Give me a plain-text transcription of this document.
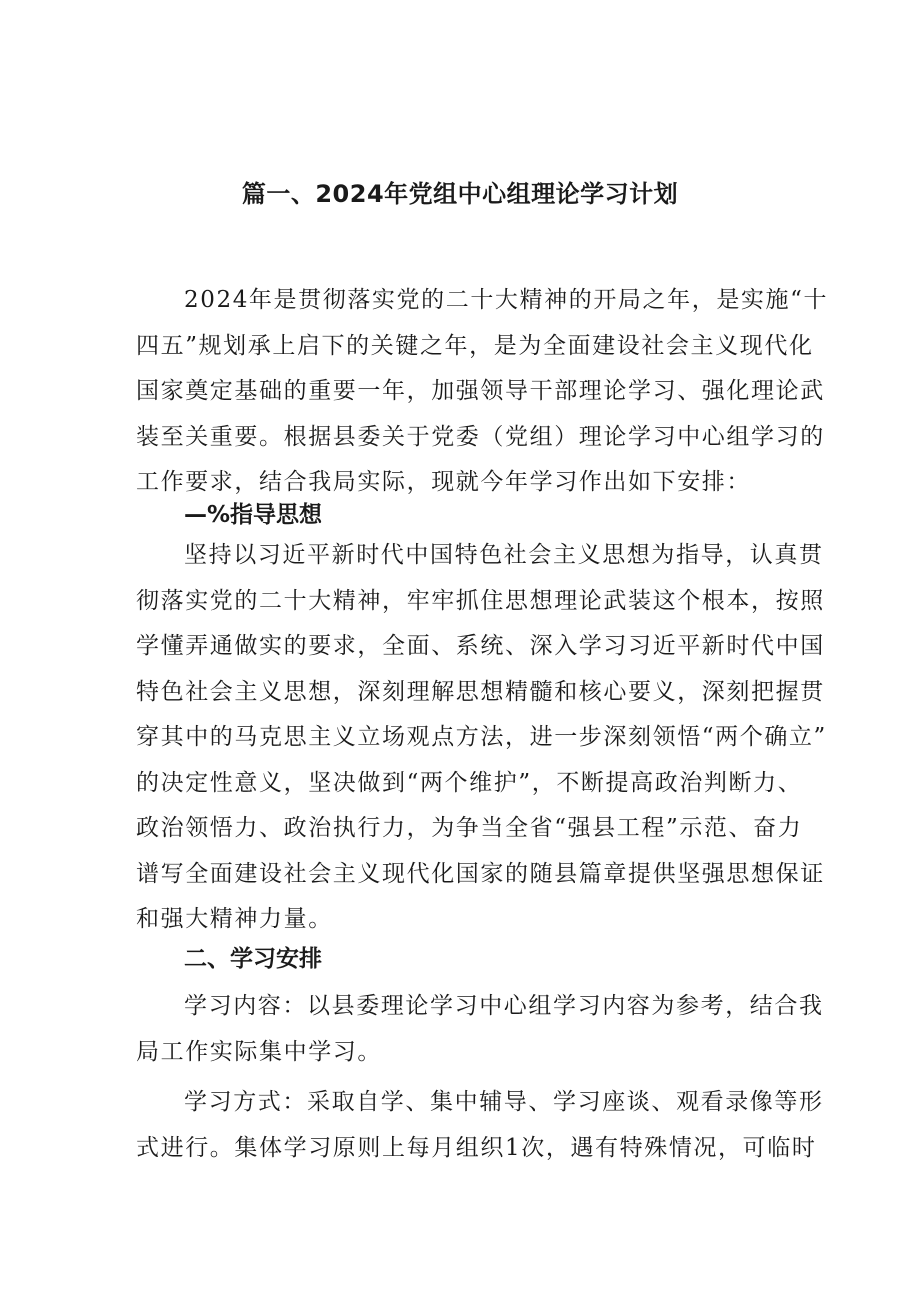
篇一、2024年党组中心组理论学习计划
2024年是贯彻落实党的二十大精神的开局之年，是实施“十
四五”规划承上启下的关键之年，是为全面建设社会主义现代化
国家奠定基础的重要一年，加强领导干部理论学习、强化理论武
装至关重要。根据县委关于党委（党组）理论学习中心组学习的
工作要求，结合我局实际，现就今年学习作出如下安排：
—%指导思想
坚持以习近平新时代中国特色社会主义思想为指导，认真贯
彻落实党的二十大精神，牢牢抓住思想理论武装这个根本，按照
学懂弄通做实的要求，全面、系统、深入学习习近平新时代中国
特色社会主义思想，深刻理解思想精髓和核心要义，深刻把握贯
穿其中的马克思主义立场观点方法，进一步深刻领悟“两个确立”
的决定性意义，坚决做到“两个维护”，不断提高政治判断力、
政治领悟力、政治执行力，为争当全省“强县工程”示范、奋力
谱写全面建设社会主义现代化国家的随县篇章提供坚强思想保证
和强大精神力量。
二、学习安排
学习内容：以县委理论学习中心组学习内容为参考，结合我
局工作实际集中学习。
学习方式：采取自学、集中辅导、学习座谈、观看录像等形
式进行。集体学习原则上每月组织1次，遇有特殊情况，可临时
